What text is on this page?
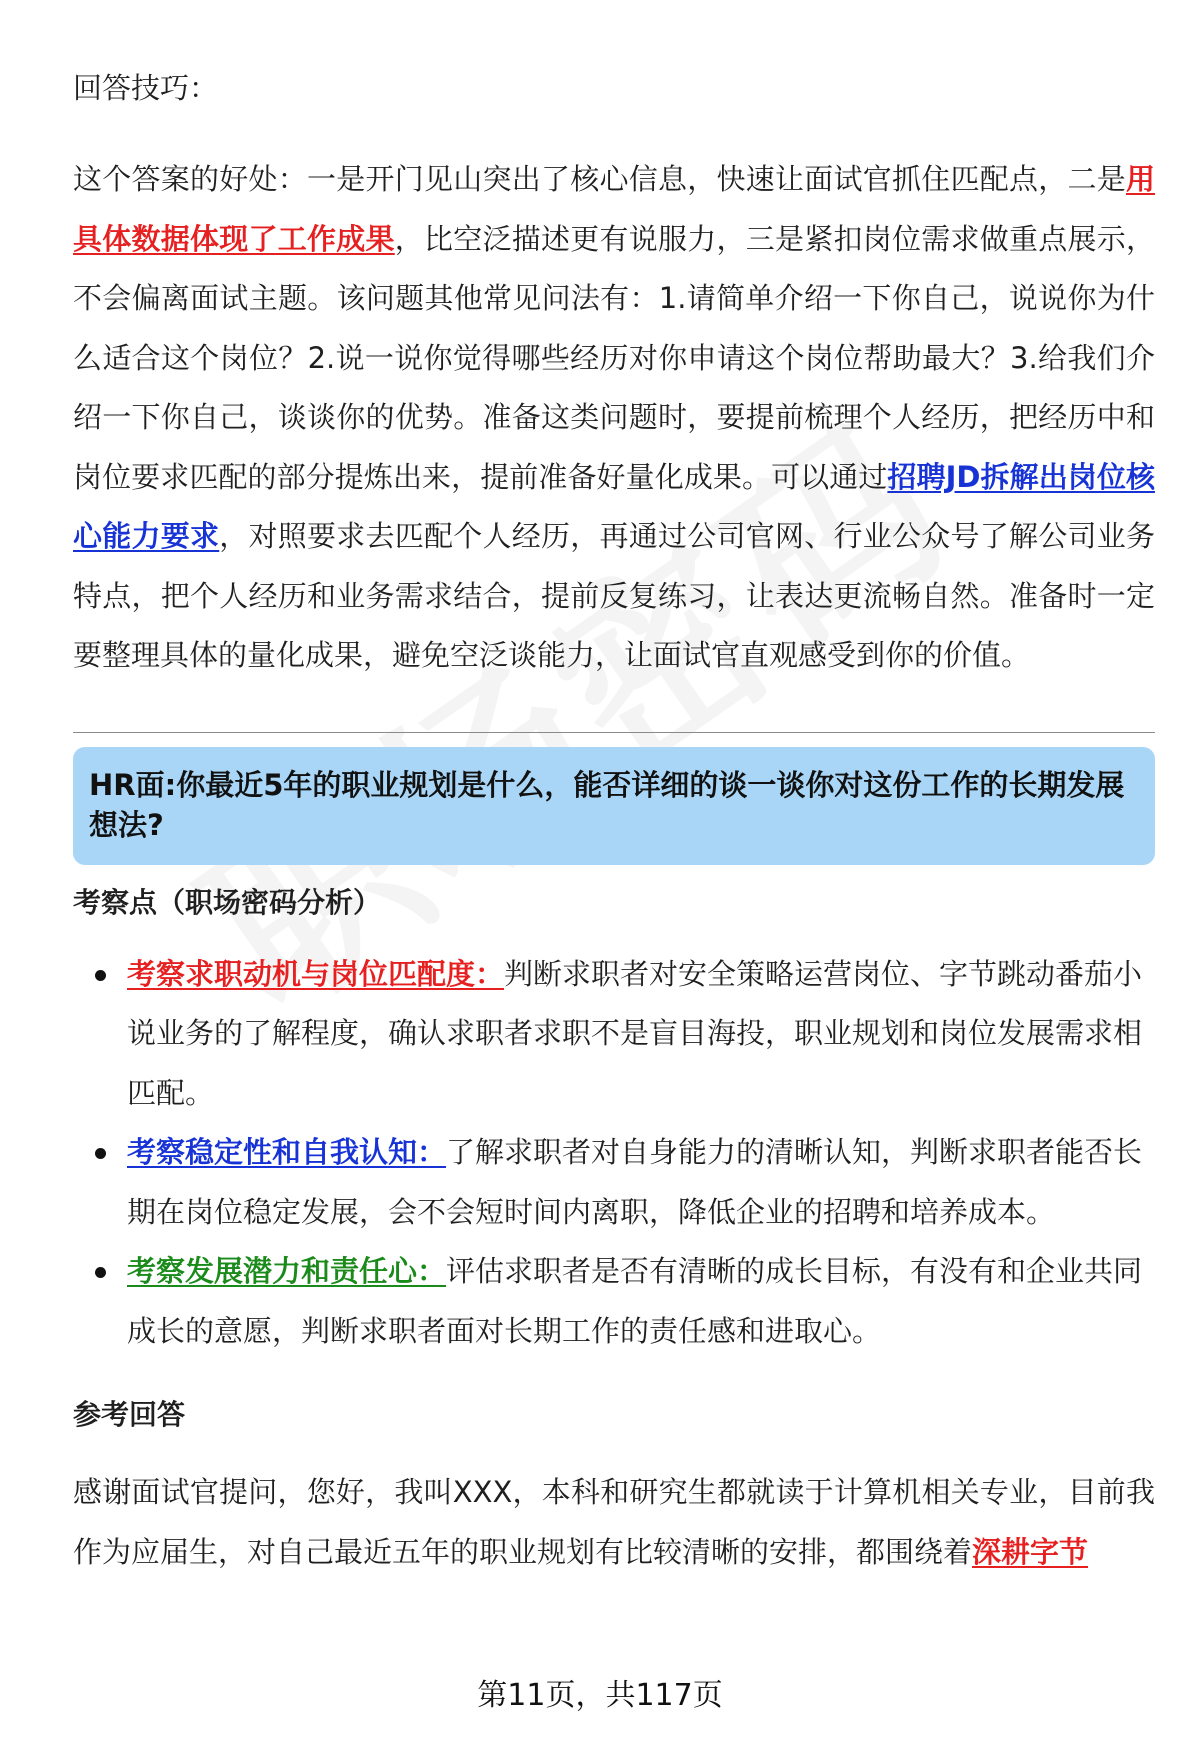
回答技巧：

这个答案的好处：一是开门见山突出了核心信息，快速让面试官抓住匹配点，二是用具体数据体现了工作成果，比空泛描述更有说服力，三是紧扣岗位需求做重点展示，不会偏离面试主题。该问题其他常见问法有：1.请简单介绍一下你自己，说说你为什么适合这个岗位？2.说一说你觉得哪些经历对你申请这个岗位帮助最大？3.给我们介绍一下你自己，谈谈你的优势。准备这类问题时，要提前梳理个人经历，把经历中和岗位要求匹配的部分提炼出来，提前准备好量化成果。可以通过招聘JD拆解出岗位核心能力要求，对照要求去匹配个人经历，再通过公司官网、行业公众号了解公司业务特点，把个人经历和业务需求结合，提前反复练习，让表达更流畅自然。准备时一定要整理具体的量化成果，避免空泛谈能力，让面试官直观感受到你的价值。

HR面:你最近5年的职业规划是什么，能否详细的谈一谈你对这份工作的长期发展想法?
考察点（职场密码分析）
考察求职动机与岗位匹配度：判断求职者对安全策略运营岗位、字节跳动番茄小说业务的了解程度，确认求职者求职不是盲目海投，职业规划和岗位发展需求相匹配。
考察稳定性和自我认知：了解求职者对自身能力的清晰认知，判断求职者能否长期在岗位稳定发展，会不会短时间内离职，降低企业的招聘和培养成本。
考察发展潜力和责任心：评估求职者是否有清晰的成长目标，有没有和企业共同成长的意愿，判断求职者面对长期工作的责任感和进取心。
参考回答

感谢面试官提问，您好，我叫XXX，本科和研究生都就读于计算机相关专业，目前我作为应届生，对自己最近五年的职业规划有比较清晰的安排，都围绕着深耕字节

第11页，共117页
